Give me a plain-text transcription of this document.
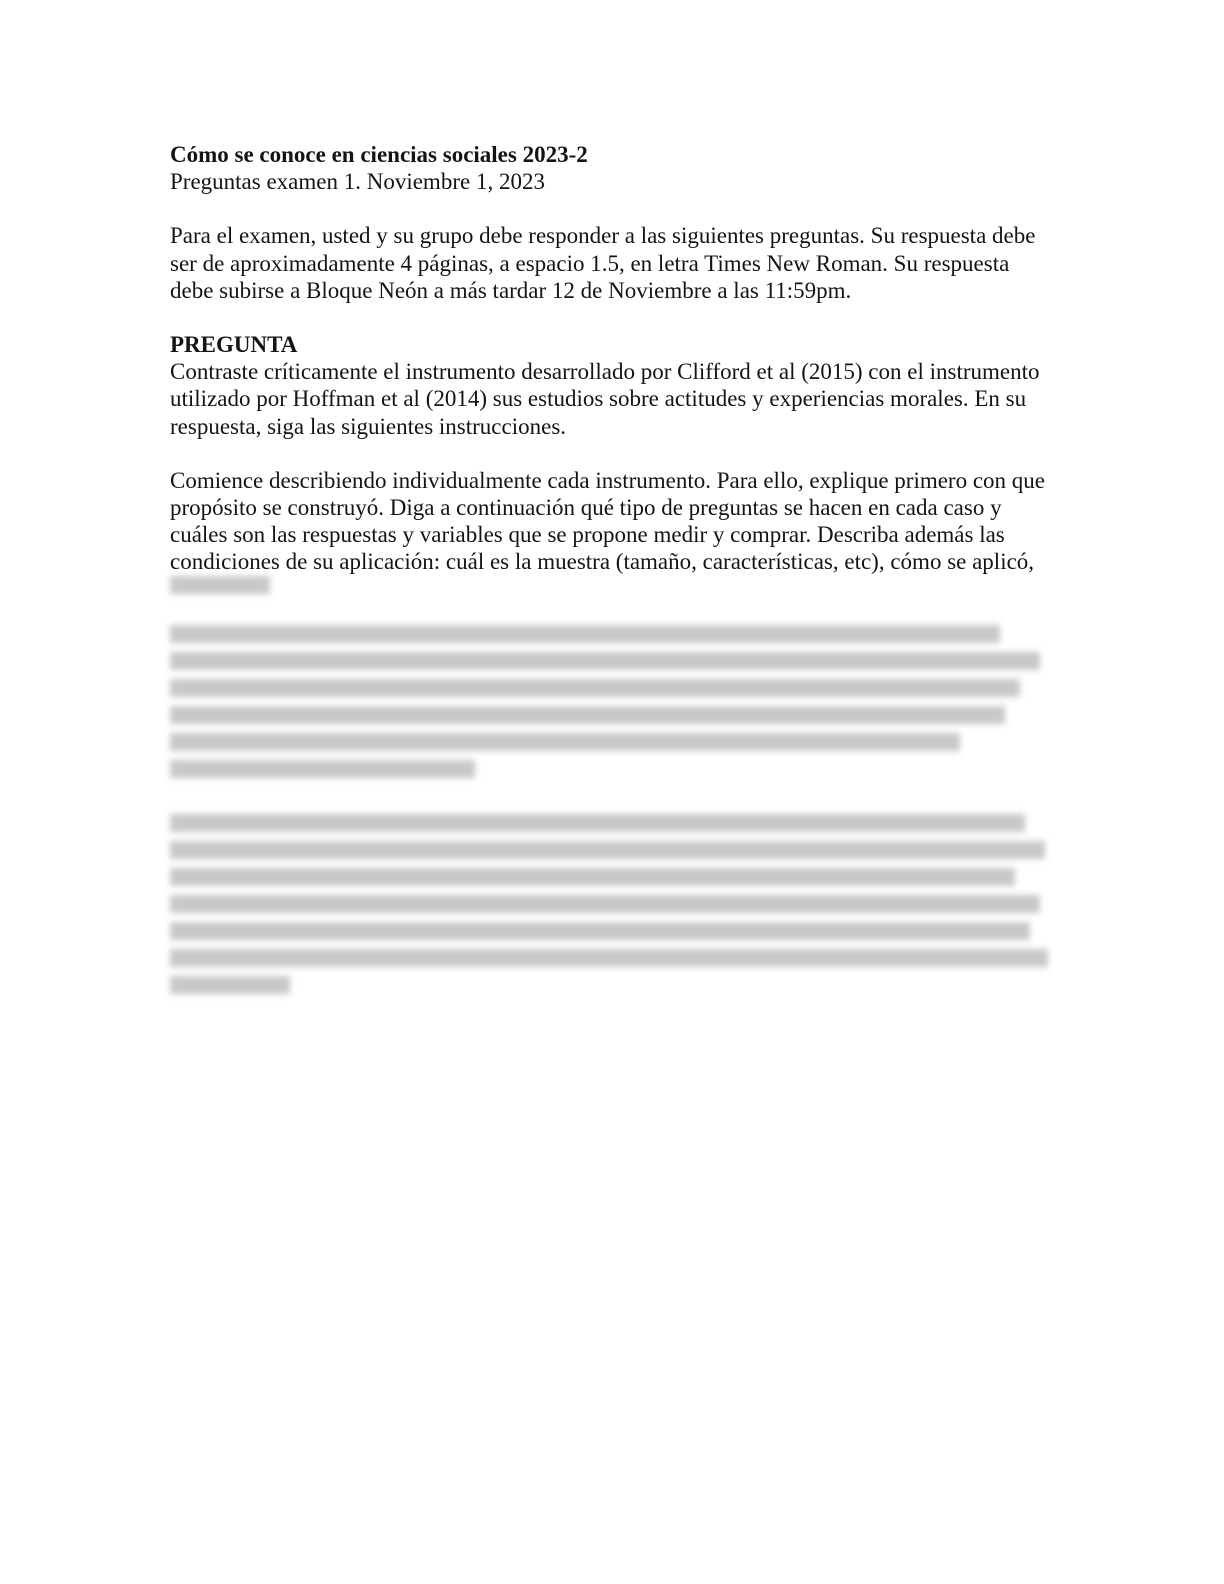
Cómo se conoce en ciencias sociales 2023-2

Preguntas examen 1. Noviembre 1, 2023

Para el examen, usted y su grupo debe responder a las siguientes preguntas. Su respuesta debe ser de aproximadamente 4 páginas, a espacio 1.5, en letra Times New Roman. Su respuesta debe subirse a Bloque Neón a más tardar 12 de Noviembre a las 11:59pm.

PREGUNTA

Contraste críticamente el instrumento desarrollado por Clifford et al (2015) con el instrumento utilizado por Hoffman et al (2014) sus estudios sobre actitudes y experiencias morales. En su respuesta, siga las siguientes instrucciones.

Comience describiendo individualmente cada instrumento. Para ello, explique primero con que propósito se construyó. Diga a continuación qué tipo de preguntas se hacen en cada caso y cuáles son las respuestas y variables que se propone medir y comprar. Describa además las condiciones de su aplicación: cuál es la muestra (tamaño, características, etc), cómo se aplicó,
